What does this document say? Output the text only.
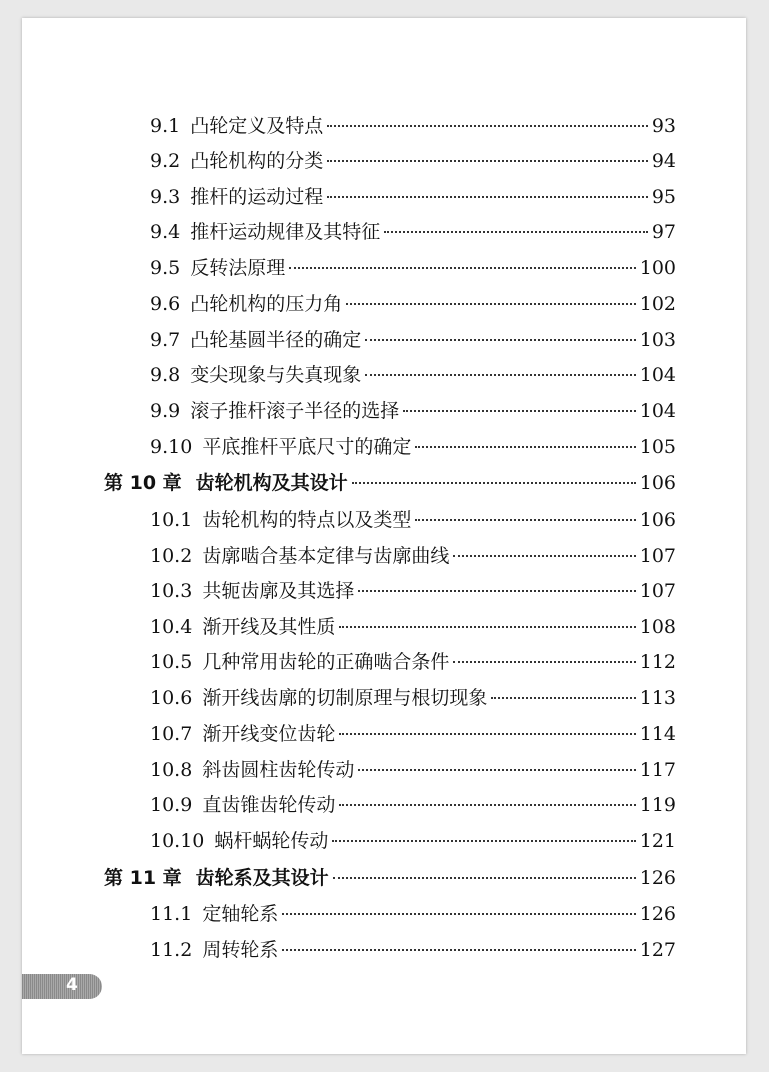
9.1 凸轮定义及特点	93
9.2 凸轮机构的分类	94
9.3 推杆的运动过程	95
9.4 推杆运动规律及其特征	97
9.5 反转法原理	100
9.6 凸轮机构的压力角	102
9.7 凸轮基圆半径的确定	103
9.8 变尖现象与失真现象	104
9.9 滚子推杆滚子半径的选择	104
9.10 平底推杆平底尺寸的确定	105
第 10 章 齿轮机构及其设计	106
10.1 齿轮机构的特点以及类型	106
10.2 齿廓啮合基本定律与齿廓曲线	107
10.3 共轭齿廓及其选择	107
10.4 渐开线及其性质	108
10.5 几种常用齿轮的正确啮合条件	112
10.6 渐开线齿廓的切制原理与根切现象	113
10.7 渐开线变位齿轮	114
10.8 斜齿圆柱齿轮传动	117
10.9 直齿锥齿轮传动	119
10.10 蜗杆蜗轮传动	121
第 11 章 齿轮系及其设计	126
11.1 定轴轮系	126
11.2 周转轮系	127
4
